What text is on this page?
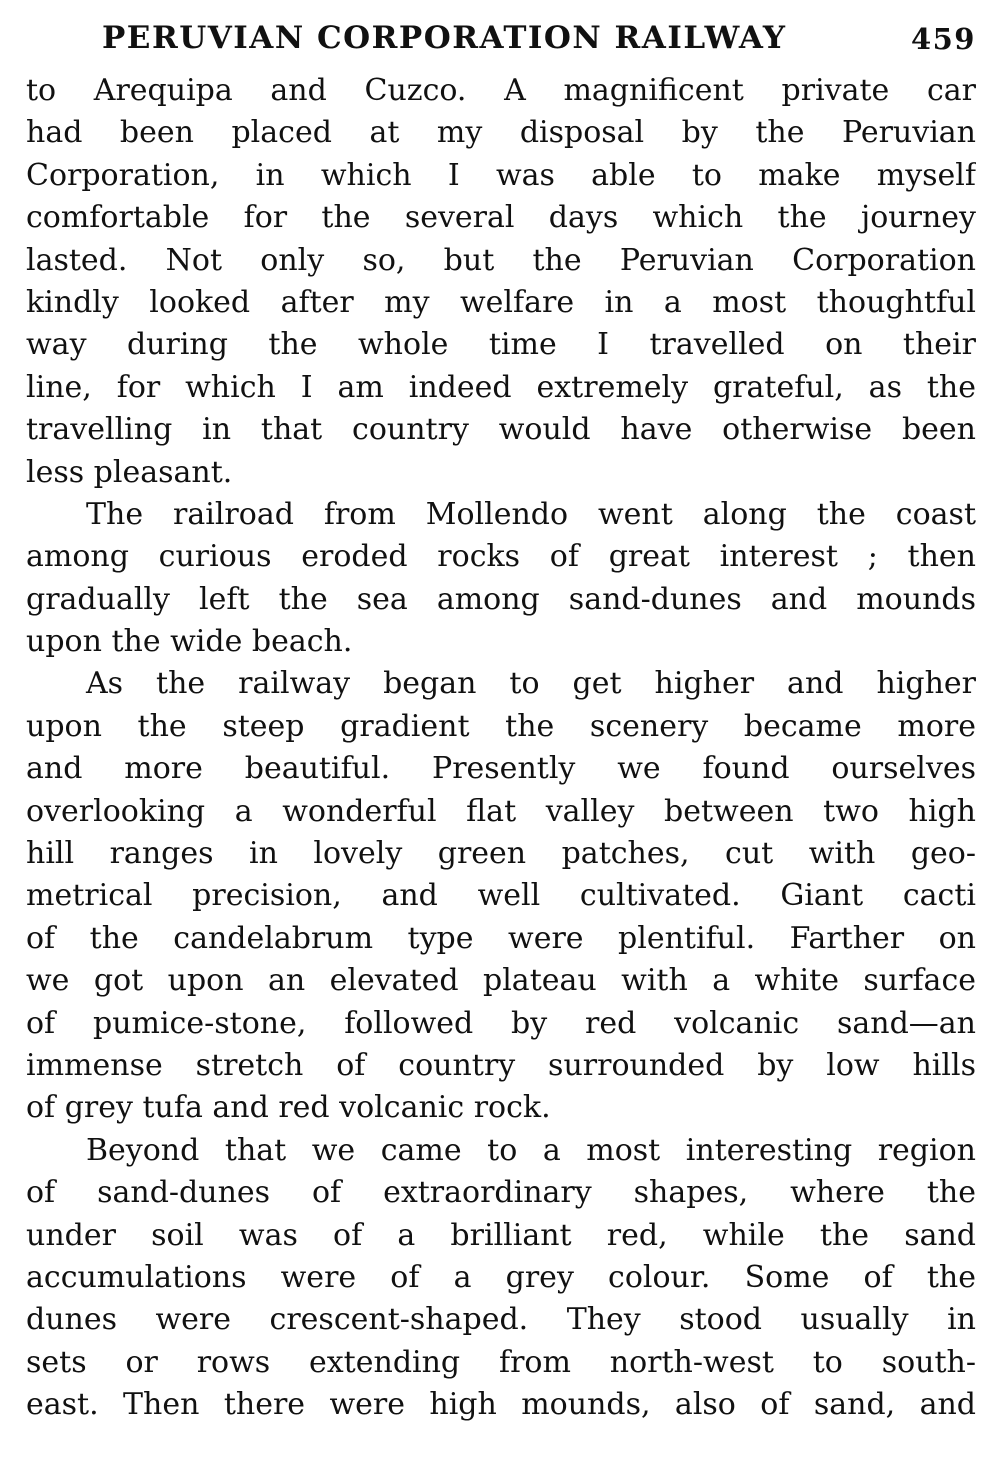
PERUVIAN CORPORATION RAILWAY	459
to Arequipa and Cuzco. A magnificent private car
had been placed at my disposal by the Peruvian
Corporation, in which I was able to make myself
comfortable for the several days which the journey
lasted. Not only so, but the Peruvian Corporation
kindly looked after my welfare in a most thoughtful
way during the whole time I travelled on their
line, for which I am indeed extremely grateful, as the
travelling in that country would have otherwise been
less pleasant.
The railroad from Mollendo went along the coast
among curious eroded rocks of great interest ; then
gradually left the sea among sand-dunes and mounds
upon the wide beach.
As the railway began to get higher and higher
upon the steep gradient the scenery became more
and more beautiful. Presently we found ourselves
overlooking a wonderful flat valley between two high
hill ranges in lovely green patches, cut with geo-
metrical precision, and well cultivated. Giant cacti
of the candelabrum type were plentiful. Farther on
we got upon an elevated plateau with a white surface
of pumice-stone, followed by red volcanic sand—an
immense stretch of country surrounded by low hills
of grey tufa and red volcanic rock.
Beyond that we came to a most interesting region
of sand-dunes of extraordinary shapes, where the
under soil was of a brilliant red, while the sand
accumulations were of a grey colour. Some of the
dunes were crescent-shaped. They stood usually in
sets or rows extending from north-west to south-
east. Then there were high mounds, also of sand, and
